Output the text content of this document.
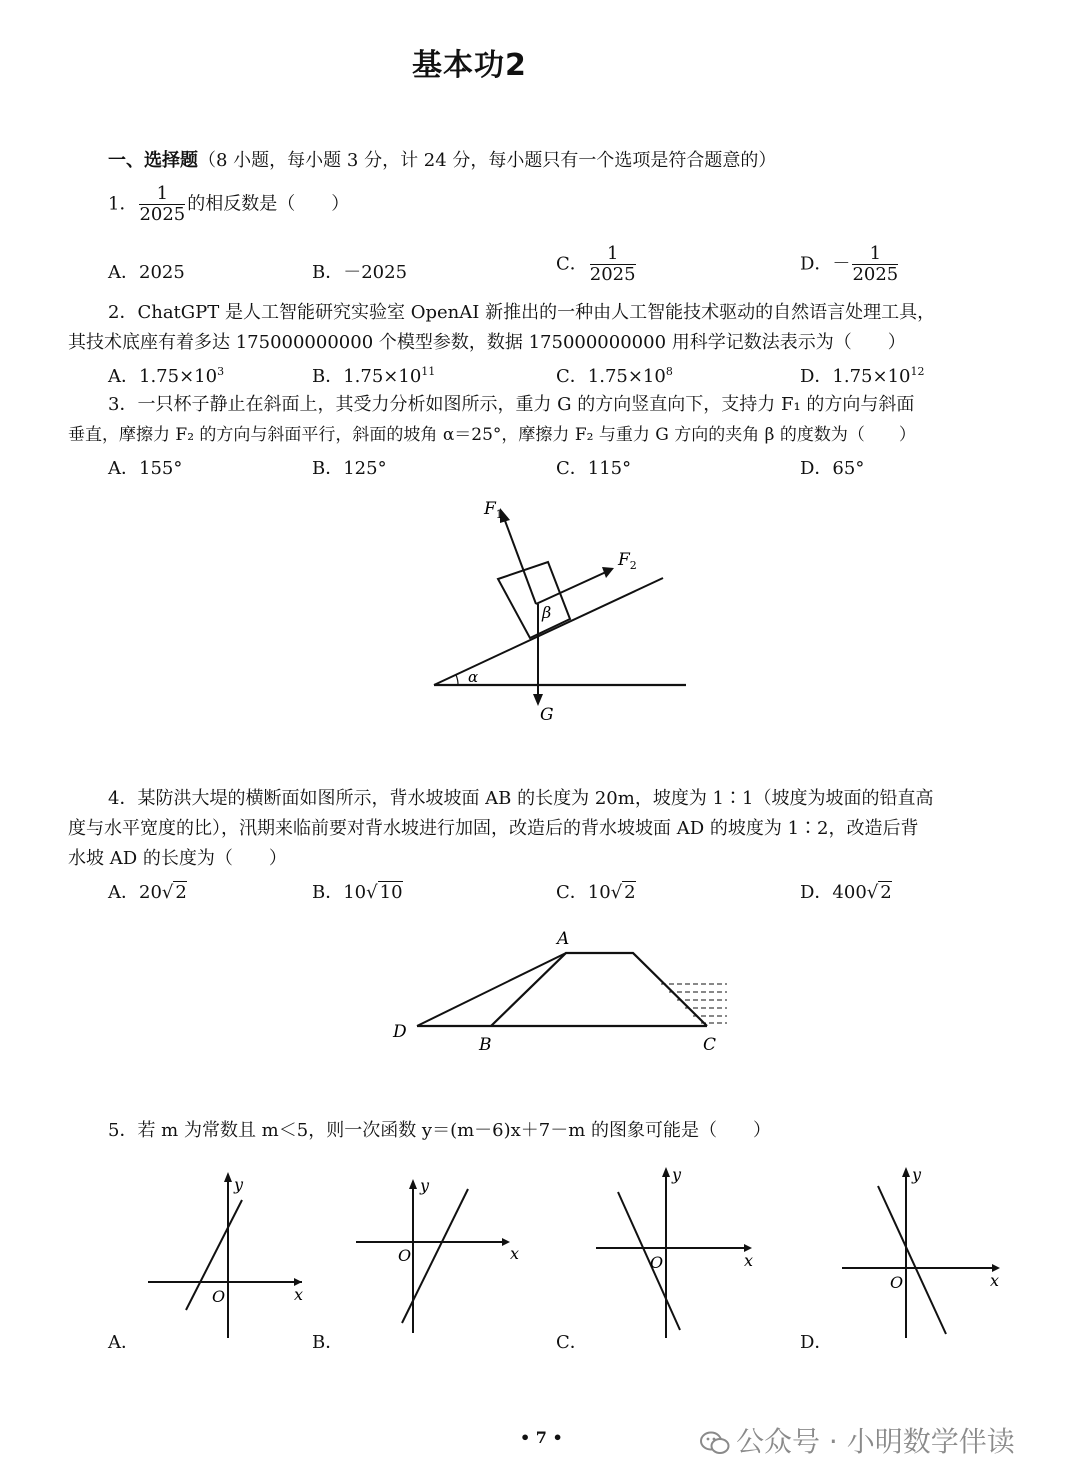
基本功2
一、选择题（8 小题，每小题 3 分，计 24 分，每小题只有一个选项是符合题意的）
1． $\frac{1}{2025}$ 的相反数是（　　）
A．2025	B．－2025	C． $\frac{1}{2025}$	D．－ $\frac{1}{2025}$
2．ChatGPT 是人工智能研究实验室 OpenAI 新推出的一种由人工智能技术驱动的自然语言处理工具，
其技术底座有着多达 175000000000 个模型参数，数据 175000000000 用科学记数法表示为（　　）
A．$1.75\times 10^3$	B．$1.75\times 10^{11}$	C．$1.75\times 10^8$	D．$1.75\times 10^{12}$
3．一只杯子静止在斜面上，其受力分析如图所示，重力 G 的方向竖直向下，支持力 F₁ 的方向与斜面
垂直，摩擦力 F₂ 的方向与斜面平行，斜面的坡角 α＝25°，摩擦力 F₂ 与重力 G 方向的夹角 β 的度数为（　　）
A．155°	B．125°	C．115°	D．65°
$F_1$
$F_2$
β
α
G
4．某防洪大堤的横断面如图所示，背水坡坡面 AB 的长度为 20m，坡度为 1∶1（坡度为坡面的铅直高
度与水平宽度的比），汛期来临前要对背水坡进行加固，改造后的背水坡坡面 AD 的坡度为 1∶2，改造后背
水坡 AD 的长度为（　　）
A．20√ 2	B．10√ 10	C．10√ 2	D．400√ 2
A
B	C
D
5．若 m 为常数且 m＜5，则一次函数 y＝(m－6)x＋7－m 的图象可能是（　　）
y
x
O
y
x
O
y
x
O
y
x
O
A．	B．	C．	D．
• 7 •	公众号 · 小明数学伴读
